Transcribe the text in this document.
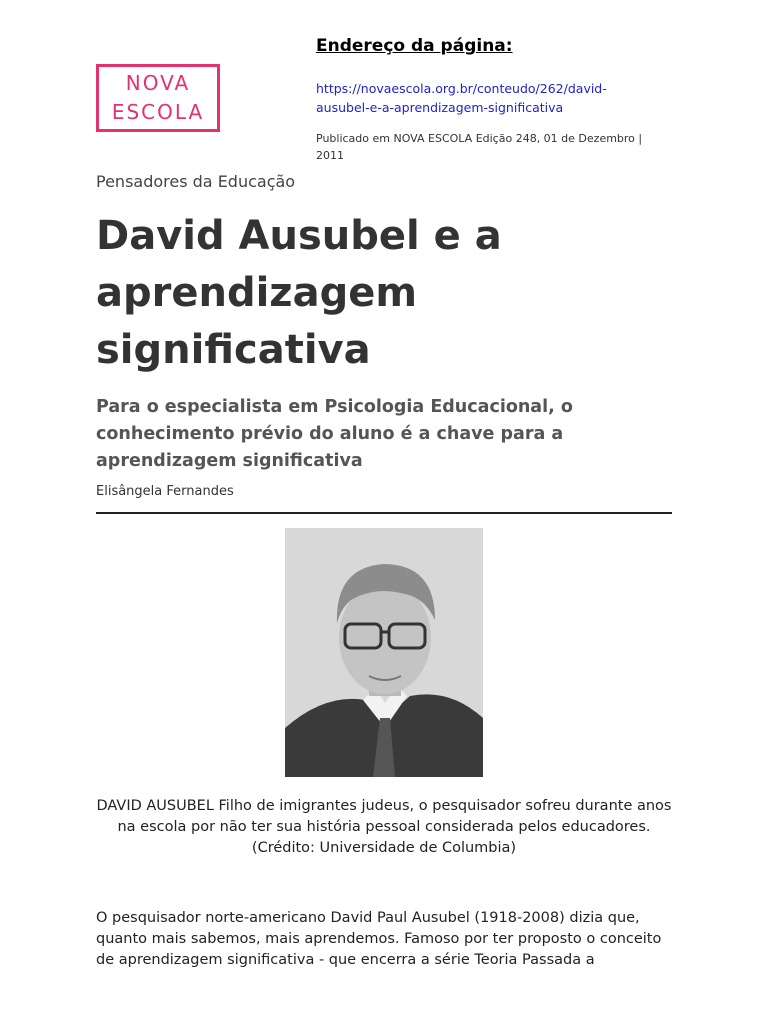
NOVA
ESCOLA
Endereço da página:
https://novaescola.org.br/conteudo/262/david-ausubel-e-a-aprendizagem-significativa
Publicado em NOVA ESCOLA Edição 248, 01 de Dezembro | 2011
Pensadores da Educação
David Ausubel e a aprendizagem significativa
Para o especialista em Psicologia Educacional, o conhecimento prévio do aluno é a chave para a aprendizagem significativa
Elisângela Fernandes
DAVID AUSUBEL Filho de imigrantes judeus, o pesquisador sofreu durante anos na escola por não ter sua história pessoal considerada pelos educadores. (Crédito: Universidade de Columbia)
O pesquisador norte-americano David Paul Ausubel (1918-2008) dizia que, quanto mais sabemos, mais aprendemos. Famoso por ter proposto o conceito de aprendizagem significativa - que encerra a série Teoria Passada a
